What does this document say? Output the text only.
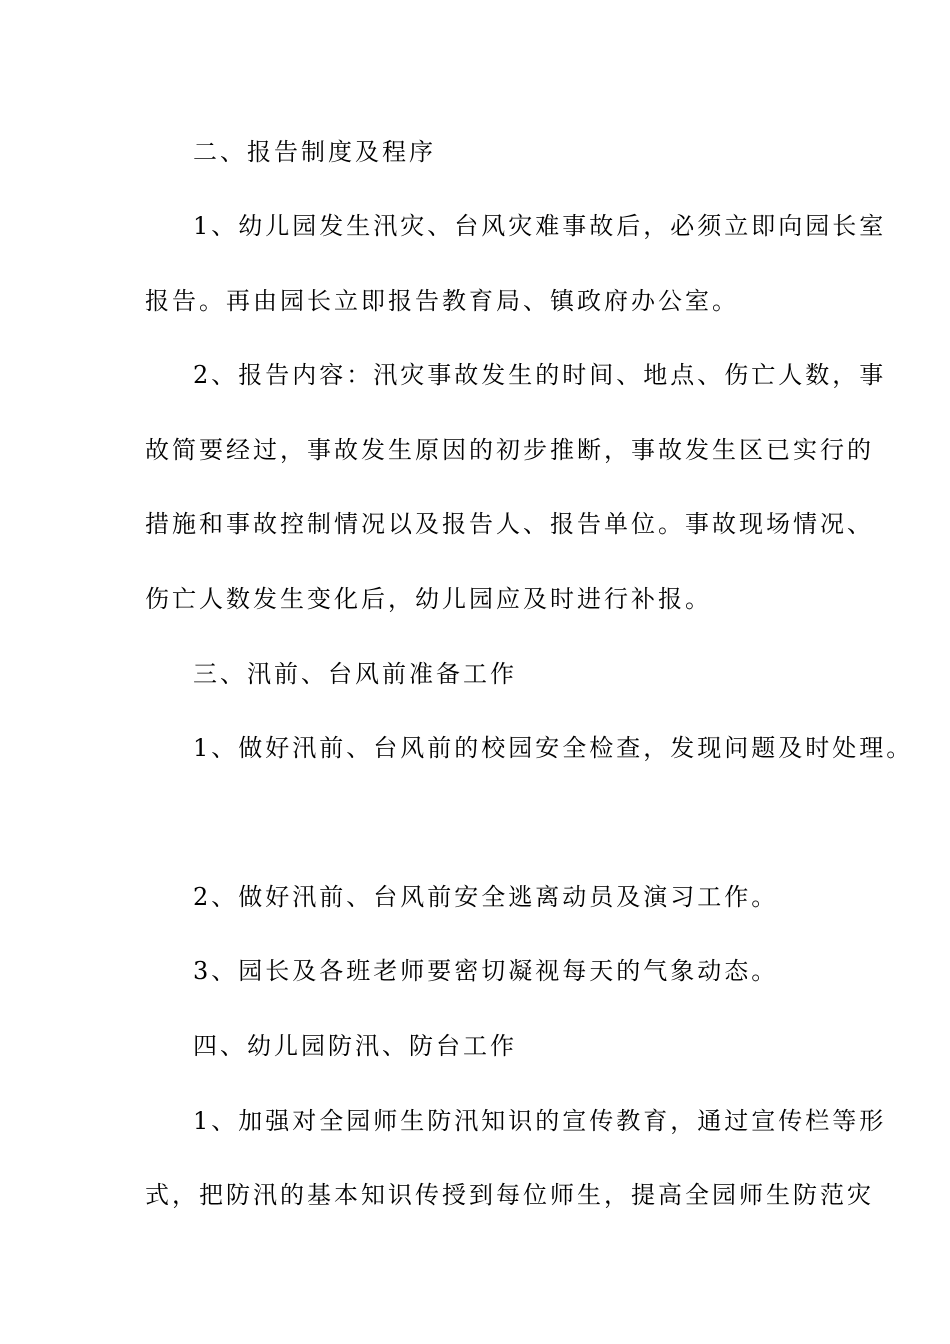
二、报告制度及程序
1、幼儿园发生汛灾、台风灾难事故后，必须立即向园长室
报告。再由园长立即报告教育局、镇政府办公室。
2、报告内容：汛灾事故发生的时间、地点、伤亡人数，事
故简要经过，事故发生原因的初步推断，事故发生区已实行的
措施和事故控制情况以及报告人、报告单位。事故现场情况、
伤亡人数发生变化后，幼儿园应及时进行补报。
三、汛前、台风前准备工作
1、做好汛前、台风前的校园安全检查，发现问题及时处理。
2、做好汛前、台风前安全逃离动员及演习工作。
3、园长及各班老师要密切凝视每天的气象动态。
四、幼儿园防汛、防台工作
1、加强对全园师生防汛知识的宣传教育，通过宣传栏等形
式，把防汛的基本知识传授到每位师生，提高全园师生防范灾
